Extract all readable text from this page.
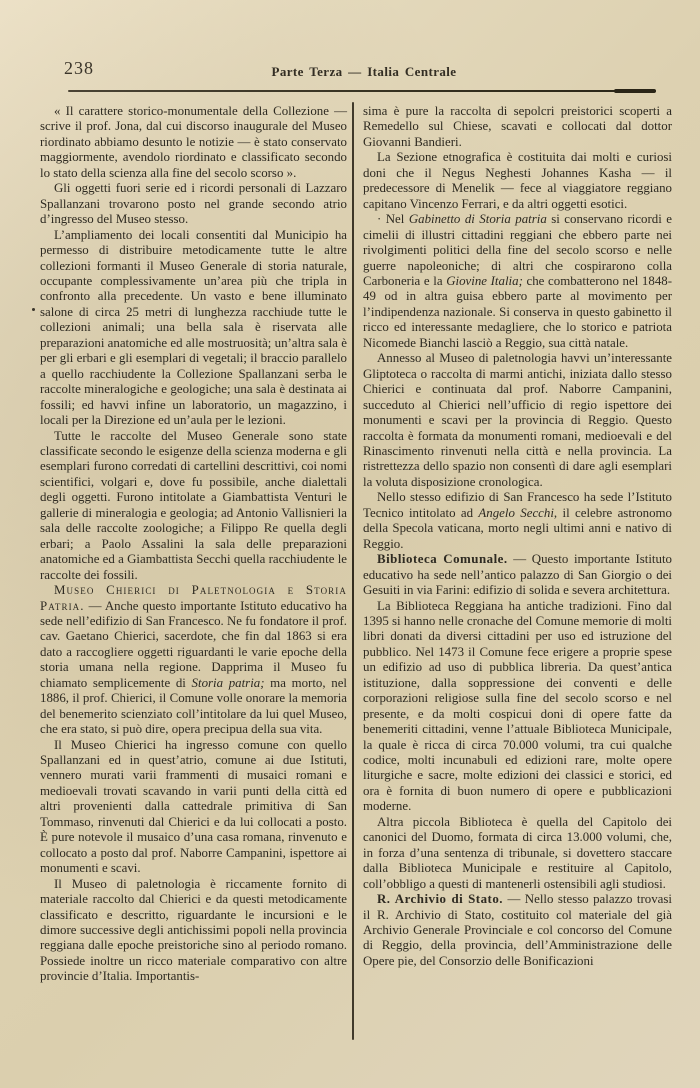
238	Parte Terza — Italia Centrale

« Il carattere storico-monumentale della Collezione — scrive il prof. Jona, dal cui discorso inaugurale del Museo riordinato abbiamo desunto le notizie — è stato conservato maggiormente, avendolo riordinato e classificato secondo lo stato della scienza alla fine del secolo scorso ».

Gli oggetti fuori serie ed i ricordi personali di Lazzaro Spallanzani trovarono posto nel grande secondo atrio d’ingresso del Museo stesso.

L’ampliamento dei locali consentiti dal Municipio ha permesso di distribuire metodicamente tutte le altre collezioni formanti il Museo Generale di storia naturale, occupante complessivamente un’area più che tripla in confronto alla precedente. Un vasto e bene illuminato salone di circa 25 metri di lunghezza racchiude tutte le collezioni animali; una bella sala è riservata alle preparazioni anatomiche ed alle mostruosità; un’altra sala è per gli erbari e gli esemplari di vegetali; il braccio parallelo a quello racchiudente la Collezione Spallanzani serba le raccolte mineralogiche e geologiche; una sala è destinata ai fossili; ed havvi infine un laboratorio, un magazzino, i locali per la Direzione ed un’aula per le lezioni.

Tutte le raccolte del Museo Generale sono state classificate secondo le esigenze della scienza moderna e gli esemplari furono corredati di cartellini descrittivi, coi nomi scientifici, volgari e, dove fu possibile, anche dialettali degli oggetti. Furono intitolate a Giambattista Venturi le gallerie di mineralogia e geologia; ad Antonio Vallisnieri la sala delle raccolte zoologiche; a Filippo Re quella degli erbari; a Paolo Assalini la sala delle preparazioni anatomiche ed a Giambattista Secchi quella racchiudente le raccolte dei fossili.

Museo Chierici di Paletnologia e Storia Patria. — Anche questo importante Istituto educativo ha sede nell’edifizio di San Francesco. Ne fu fondatore il prof. cav. Gaetano Chierici, sacerdote, che fin dal 1863 si era dato a raccogliere oggetti riguardanti le varie epoche della storia umana nella regione. Dapprima il Museo fu chiamato semplicemente di Storia patria; ma morto, nel 1886, il prof. Chierici, il Comune volle onorare la memoria del benemerito scienziato coll’intitolare da lui quel Museo, che era stato, si può dire, opera precipua della sua vita.

Il Museo Chierici ha ingresso comune con quello Spallanzani ed in quest’atrio, comune ai due Istituti, vennero murati varii frammenti di musaici romani e medioevali trovati scavando in varii punti della città ed altri provenienti dalla cattedrale primitiva di San Tommaso, rinvenuti dal Chierici e da lui collocati a posto. È pure notevole il musaico d’una casa romana, rinvenuto e collocato a posto dal prof. Naborre Campanini, ispettore ai monumenti e scavi.

Il Museo di paletnologia è riccamente fornito di materiale raccolto dal Chierici e da questi metodicamente classificato e descritto, riguardante le incursioni e le dimore successive degli antichissimi popoli nella provincia reggiana dalle epoche preistoriche sino al periodo romano. Possiede inoltre un ricco materiale comparativo con altre provincie d’Italia. Importantis-

sima è pure la raccolta di sepolcri preistorici scoperti a Remedello sul Chiese, scavati e collocati dal dottor Giovanni Bandieri.

La Sezione etnografica è costituita dai molti e curiosi doni che il Negus Neghesti Johannes Kasha — il predecessore di Menelik — fece al viaggiatore reggiano capitano Vincenzo Ferrari, e da altri oggetti esotici.

· Nel Gabinetto di Storia patria si conservano ricordi e cimelii di illustri cittadini reggiani che ebbero parte nei rivolgimenti politici della fine del secolo scorso e nelle guerre napoleoniche; di altri che cospirarono colla Carboneria e la Giovine Italia; che combatterono nel 1848-49 od in altra guisa ebbero parte al movimento per l’indipendenza nazionale. Si conserva in questo gabinetto il ricco ed interessante medagliere, che lo storico e patriota Nicomede Bianchi lasciò a Reggio, sua città natale.

Annesso al Museo di paletnologia havvi un’interessante Gliptoteca o raccolta di marmi antichi, iniziata dallo stesso Chierici e continuata dal prof. Naborre Campanini, succeduto al Chierici nell’ufficio di regio ispettore dei monumenti e scavi per la provincia di Reggio. Questo raccolta è formata da monumenti romani, medioevali e del Rinascimento rinvenuti nella città e nella provincia. La ristrettezza dello spazio non consentì di dare agli esemplari la voluta disposizione cronologica.

Nello stesso edifizio di San Francesco ha sede l’Istituto Tecnico intitolato ad Angelo Secchi, il celebre astronomo della Specola vaticana, morto negli ultimi anni e nativo di Reggio.

Biblioteca Comunale. — Questo importante Istituto educativo ha sede nell’antico palazzo di San Giorgio o dei Gesuiti in via Farini: edifizio di solida e severa architettura.

La Biblioteca Reggiana ha antiche tradizioni. Fino dal 1395 si hanno nelle cronache del Comune memorie di molti libri donati da diversi cittadini per uso ed istruzione del pubblico. Nel 1473 il Comune fece erigere a proprie spese un edifizio ad uso di pubblica libreria. Da quest’antica istituzione, dalla soppressione dei conventi e delle corporazioni religiose sulla fine del secolo scorso e nel presente, e da molti cospicui doni di opere fatte da benemeriti cittadini, venne l’attuale Biblioteca Municipale, la quale è ricca di circa 70.000 volumi, tra cui qualche codice, molti incunabuli ed edizioni rare, molte opere liturgiche e sacre, molte edizioni dei classici e storici, ed ora è fornita di buon numero di opere e pubblicazioni moderne.

Altra piccola Biblioteca è quella del Capitolo dei canonici del Duomo, formata di circa 13.000 volumi, che, in forza d’una sentenza di tribunale, si dovettero staccare dalla Biblioteca Municipale e restituire al Capitolo, coll’obbligo a questi di mantenerli ostensibili agli studiosi.

R. Archivio di Stato. — Nello stesso palazzo trovasi il R. Archivio di Stato, costituito col materiale del già Archivio Generale Provinciale e col concorso del Comune di Reggio, della provincia, dell’Amministrazione delle Opere pie, del Consorzio delle Bonificazioni
